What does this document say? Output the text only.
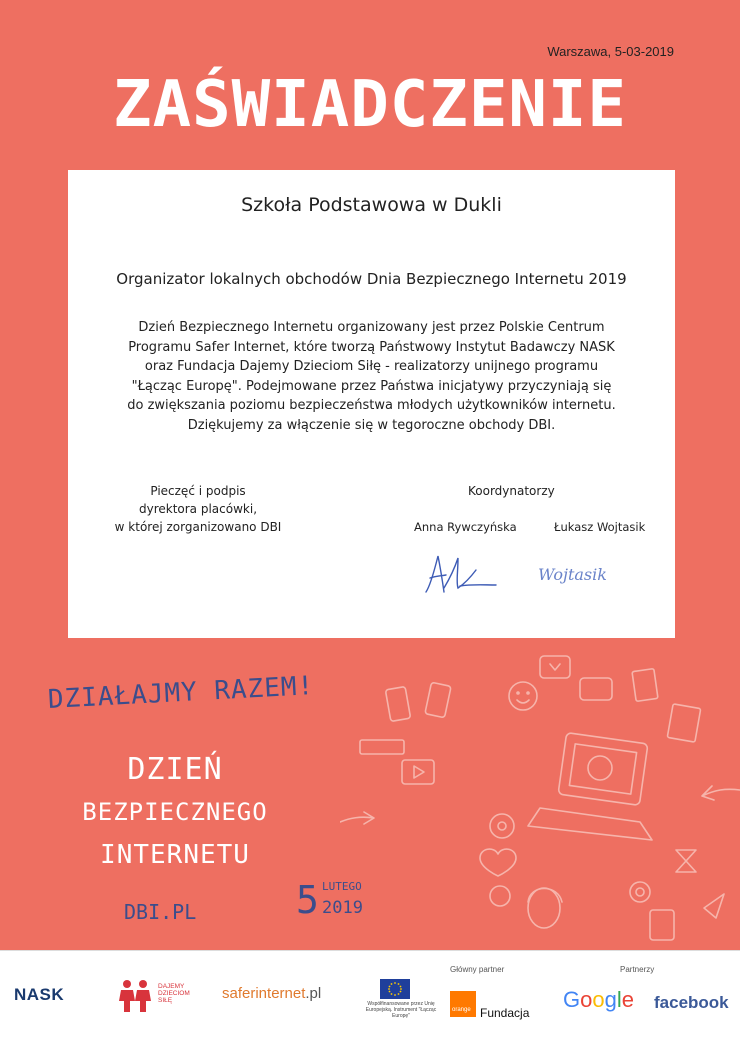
Warszawa, 5-03-2019
ZAŚWIADCZENIE
Szkoła Podstawowa w Dukli
Organizator lokalnych obchodów Dnia Bezpiecznego Internetu 2019
Dzień Bezpiecznego Internetu organizowany jest przez Polskie Centrum
Programu Safer Internet, które tworzą Państwowy Instytut Badawczy NASK
oraz Fundacja Dajemy Dzieciom Siłę - realizatorzy unijnego programu
"Łącząc Europę". Podejmowane przez Państwa inicjatywy przyczyniają się
do zwiększania poziomu bezpieczeństwa młodych użytkowników internetu.
Dziękujemy za włączenie się w tegoroczne obchody DBI.
Pieczęć i podpis
dyrektora placówki,
w której zorganizowano DBI
Koordynatorzy
Anna Rywczyńska	Łukasz Wojtasik
Wojtasik
DZIAŁAJMY RAZEM!
DZIEŃ
BEZPIECZNEGO
INTERNETU
DBI.PL	5 LUTEGO
2019
NASK	DAJEMY
DZIECIOM
SIŁĘ	saferinternet.pl
Współfinansowane przez Unię Europejską. Instrument "Łącząc Europę"
Główny partner
orange Fundacja
Partnerzy
Google facebook
